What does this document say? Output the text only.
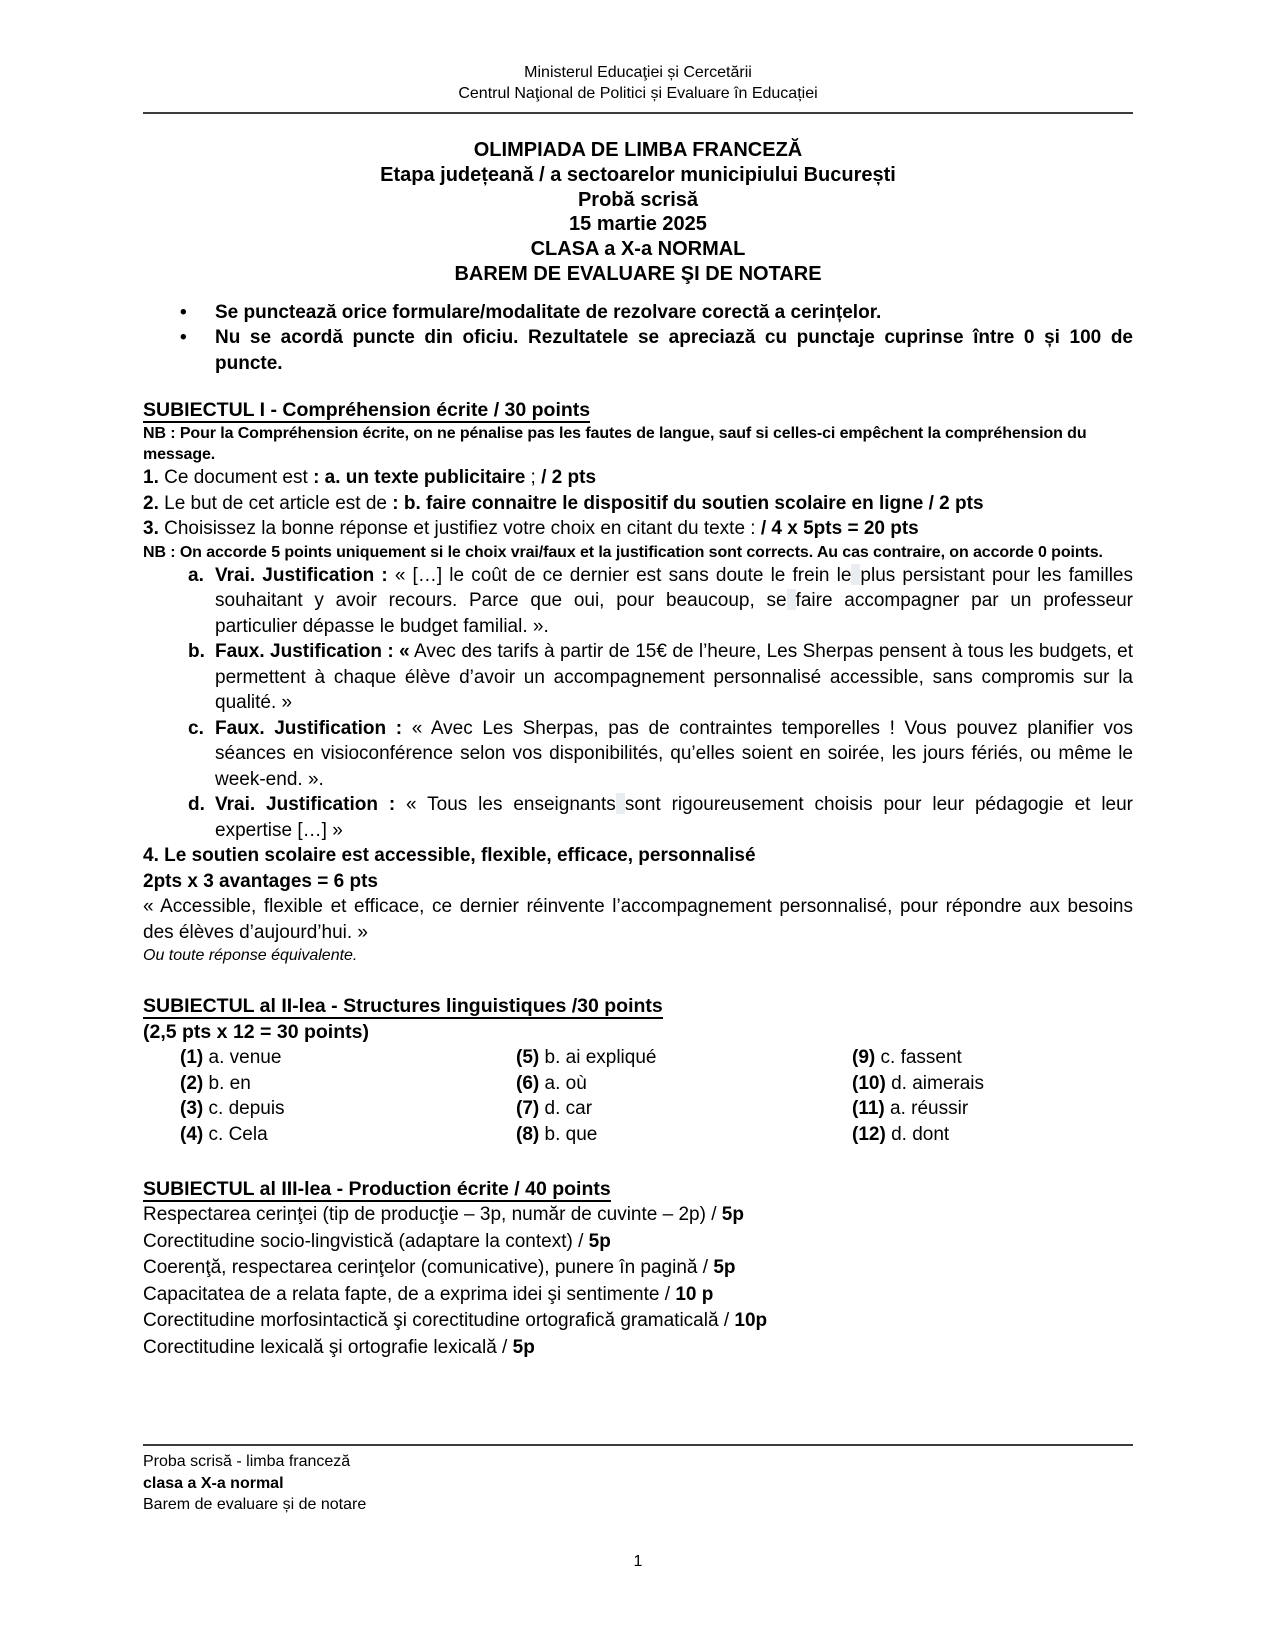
Ministerul Educaţiei și Cercetării
Centrul Naţional de Politici și Evaluare în Educației
OLIMPIADA DE LIMBA FRANCEZĂ
Etapa județeană / a sectoarelor municipiului București
Probă scrisă
15 martie 2025
CLASA a X-a NORMAL
BAREM DE EVALUARE ŞI DE NOTARE
•	Se punctează orice formulare/modalitate de rezolvare corectă a cerințelor.
•	Nu se acordă puncte din oficiu. Rezultatele se apreciază cu punctaje cuprinse între 0 și 100 de puncte.
SUBIECTUL I - Compréhension écrite / 30 points
NB : Pour la Compréhension écrite, on ne pénalise pas les fautes de langue, sauf si celles-ci empêchent la compréhension du message.

1. Ce document est : a. un texte publicitaire ; / 2 pts

2. Le but de cet article est de : b. faire connaitre le dispositif du soutien scolaire en ligne / 2 pts

3. Choisissez la bonne réponse et justifiez votre choix en citant du texte : / 4 x 5pts = 20 pts

NB : On accorde 5 points uniquement si le choix vrai/faux et la justification sont corrects. Au cas contraire, on accorde 0 points.
a. Vrai. Justification : « […] le coût de ce dernier est sans doute le frein le plus persistant pour les familles souhaitant y avoir recours. Parce que oui, pour beaucoup, se faire accompagner par un professeur particulier dépasse le budget familial. ».
b. Faux. Justification : « Avec des tarifs à partir de 15€ de l’heure, Les Sherpas pensent à tous les budgets, et permettent à chaque élève d’avoir un accompagnement personnalisé accessible, sans compromis sur la qualité. »
c. Faux. Justification : « Avec Les Sherpas, pas de contraintes temporelles ! Vous pouvez planifier vos séances en visioconférence selon vos disponibilités, qu’elles soient en soirée, les jours fériés, ou même le week-end. ».
d. Vrai. Justification : « Tous les enseignants sont rigoureusement choisis pour leur pédagogie et leur expertise […] »

4. Le soutien scolaire est accessible, flexible, efficace, personnalisé

2pts x 3 avantages = 6 pts

« Accessible, flexible et efficace, ce dernier réinvente l’accompagnement personnalisé, pour répondre aux besoins des élèves d’aujourd’hui. »

Ou toute réponse équivalente.

SUBIECTUL al II-lea - Structures linguistiques /30 points
(2,5 pts x 12 = 30 points)
(1) a. venue
(2) b. en
(3) c. depuis
(4) c. Cela
(5) b. ai expliqué
(6) a. où
(7) d. car
(8) b. que
(9) c. fassent
(10) d. aimerais
(11) a. réussir
(12) d. dont
SUBIECTUL al III-lea - Production écrite / 40 points

Respectarea cerinţei (tip de producţie – 3p, număr de cuvinte – 2p) / 5p

Corectitudine socio-lingvistică (adaptare la context) / 5p

Coerenţă, respectarea cerinţelor (comunicative), punere în pagină / 5p

Capacitatea de a relata fapte, de a exprima idei şi sentimente / 10 p

Corectitudine morfosintactică şi corectitudine ortografică gramaticală / 10p

Corectitudine lexicală şi ortografie lexicală / 5p

Proba scrisă - limba franceză
clasa a X-a normal
Barem de evaluare și de notare
1
